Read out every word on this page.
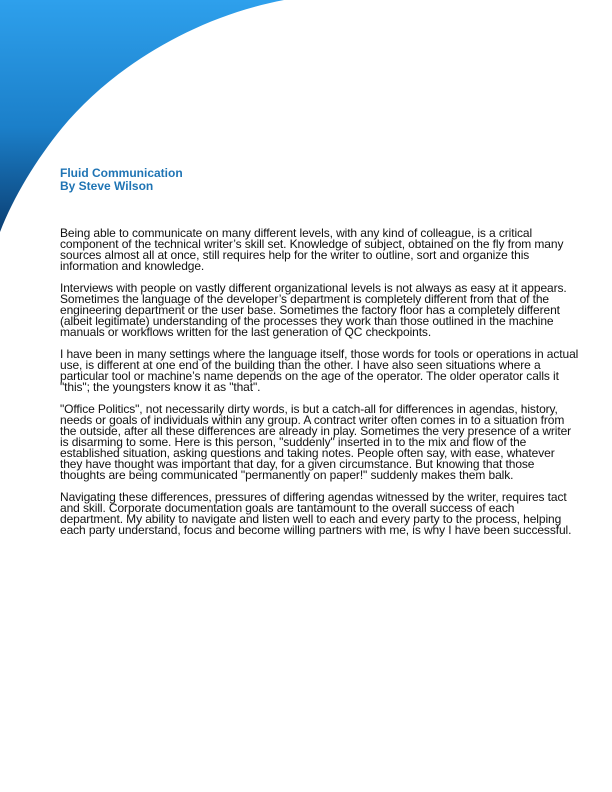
Fluid Communication
By Steve Wilson

Being able to communicate on many different levels, with any kind of colleague, is a critical component of the technical writer’s skill set. Knowledge of subject, obtained on the fly from many sources almost all at once, still requires help for the writer to outline, sort and organize this information and knowledge.

Interviews with people on vastly different organizational levels is not always as easy at it appears. Sometimes the language of the developer’s department is completely different from that of the engineering department or the user base. Sometimes the factory floor has a completely different (albeit legitimate) understanding of the processes they work than those outlined in the machine manuals or workflows written for the last generation of QC checkpoints.

I have been in many settings where the language itself, those words for tools or operations in actual use, is different at one end of the building than the other. I have also seen situations where a particular tool or machine’s name depends on the age of the operator. The older operator calls it "this"; the youngsters know it as "that".

"Office Politics", not necessarily dirty words, is but a catch-all for differences in agendas, history, needs or goals of individuals within any group. A contract writer often comes in to a situation from the outside, after all these differences are already in play. Sometimes the very presence of a writer is disarming to some. Here is this person, "suddenly" inserted in to the mix and flow of the established situation, asking questions and taking notes. People often say, with ease, whatever they have thought was important that day, for a given circumstance. But knowing that those thoughts are being communicated "permanently on paper!" suddenly makes them balk.

Navigating these differences, pressures of differing agendas witnessed by the writer, requires tact and skill. Corporate documentation goals are tantamount to the overall success of each department. My ability to navigate and listen well to each and every party to the process, helping each party understand, focus and become willing partners with me, is why I have been successful.
